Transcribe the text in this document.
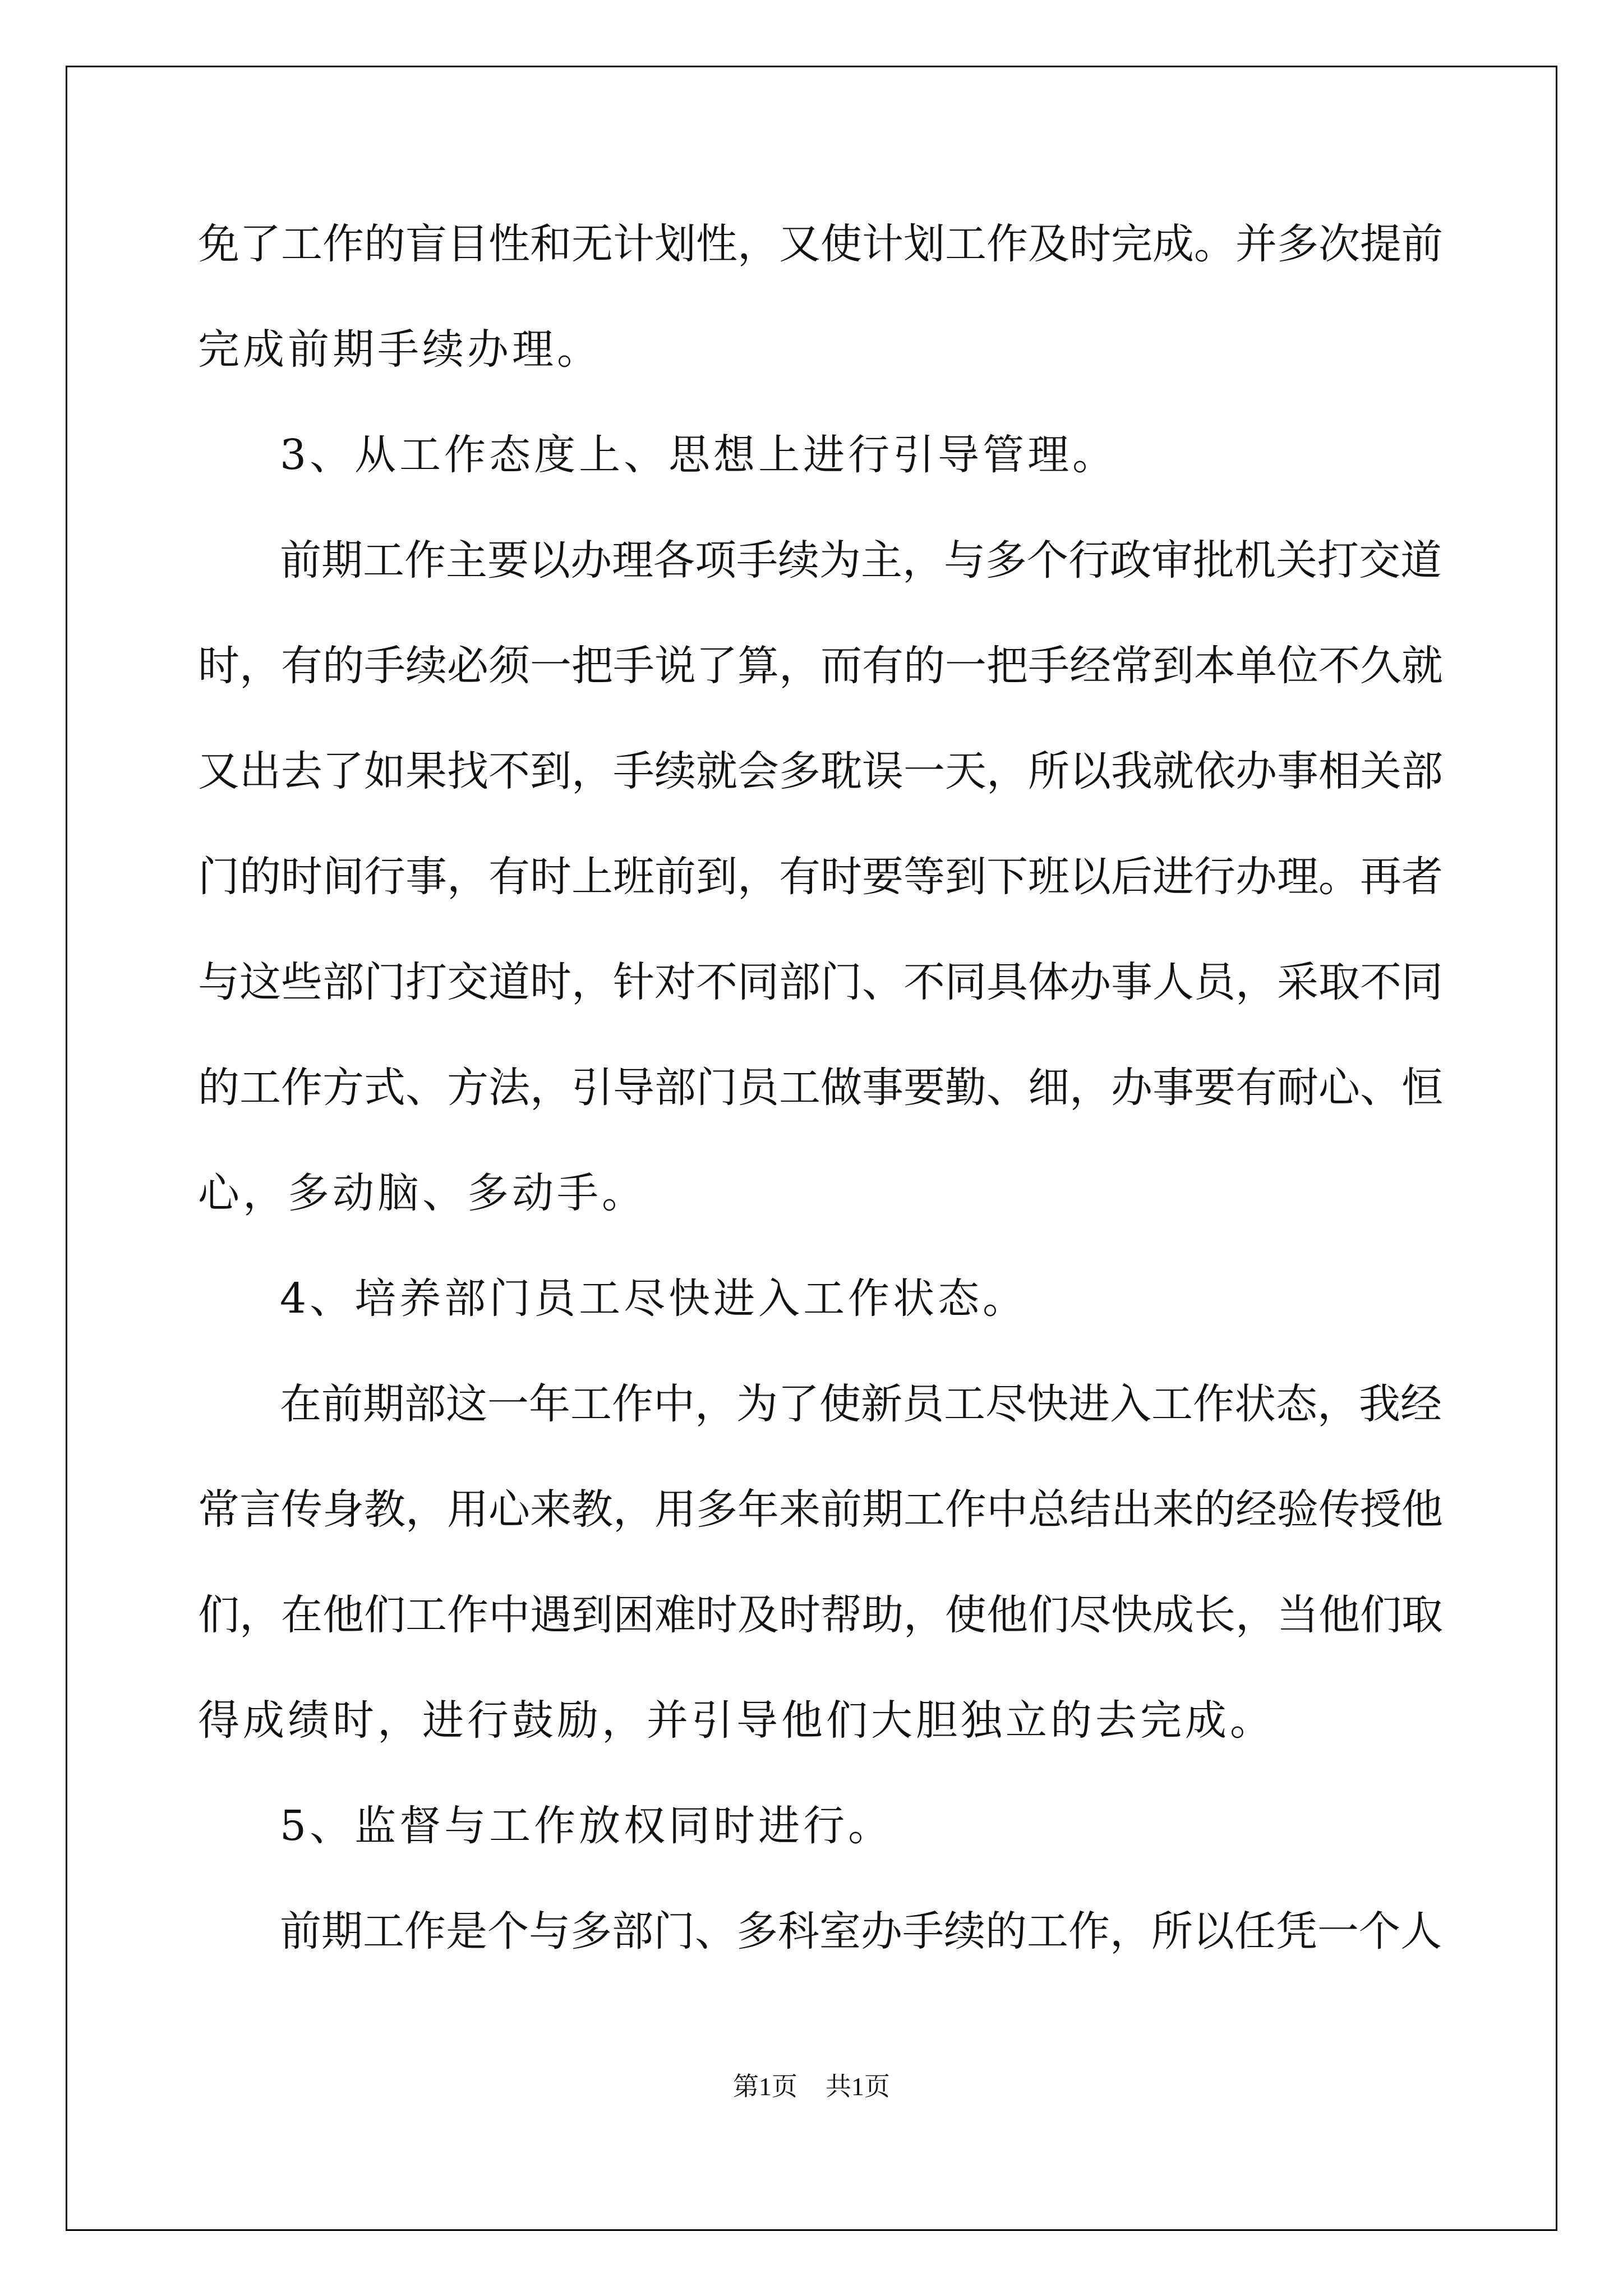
免了工作的盲目性和无计划性，又使计划工作及时完成。并多次提前
完成前期手续办理。
3、从工作态度上、思想上进行引导管理。
前期工作主要以办理各项手续为主，与多个行政审批机关打交道
时，有的手续必须一把手说了算，而有的一把手经常到本单位不久就
又出去了如果找不到，手续就会多耽误一天，所以我就依办事相关部
门的时间行事，有时上班前到，有时要等到下班以后进行办理。再者
与这些部门打交道时，针对不同部门、不同具体办事人员，采取不同
的工作方式、方法，引导部门员工做事要勤、细，办事要有耐心、恒
心，多动脑、多动手。
4、培养部门员工尽快进入工作状态。
在前期部这一年工作中，为了使新员工尽快进入工作状态，我经
常言传身教，用心来教，用多年来前期工作中总结出来的经验传授他
们，在他们工作中遇到困难时及时帮助，使他们尽快成长，当他们取
得成绩时，进行鼓励，并引导他们大胆独立的去完成。
5、监督与工作放权同时进行。
前期工作是个与多部门、多科室办手续的工作，所以任凭一个人
第1页 共1页
